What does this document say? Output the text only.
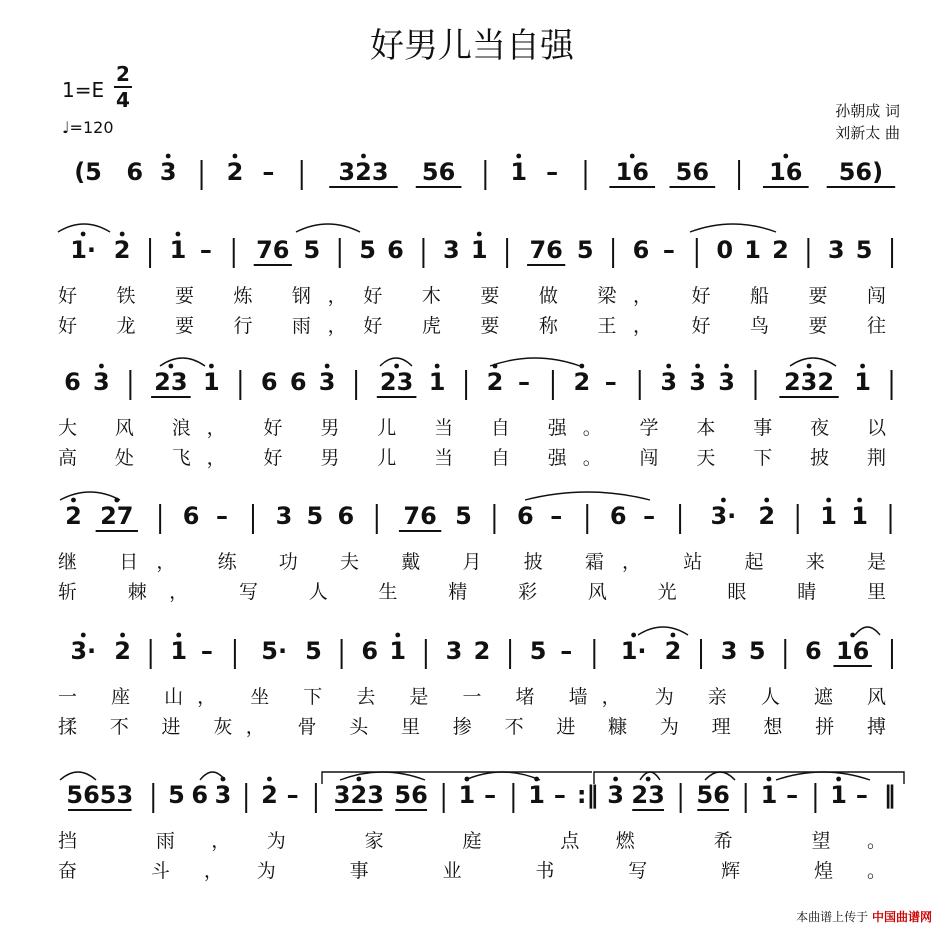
好男儿当自强
1=E
2
4
♩=120
孙朝成 词
刘新太 曲
(5 6 3 2 –	323 56 1 – 16 56	16 56)
1· 2 1 – 76 5 5 6 3 1 76 5 6 – 0 1 2 3 5
好 铁 要 炼 钢，好 木 要 做 梁， 好 船 要 闯
好 龙 要 行 雨，好 虎 要 称 王， 好 鸟 要 往
6 3 23 1 6 6 3 23 1 2 – 2 – 3 3 3 232 1
大 风 浪， 好 男 儿 当 自 强。 学 本 事 夜 以
高 处 飞， 好 男 儿 当 自 强。 闯 天 下 披 荆
2 27 6 – 3 5 6 76 5 6 – 6 – 3· 2 1 1
继 日， 练 功 夫 戴 月 披 霜， 站 起 来 是
斩 棘， 写 人 生 精 彩 风 光 眼 睛 里
3· 2 1 – 5· 5 6 1 3 2 5 – 1· 2 3 5 6 16
一 座 山， 坐 下 去 是 一 堵 墙， 为 亲 人 遮 风
揉 不 进 灰， 骨 头 里 掺 不 进 糠 为 理 想 拼 搏
5653 5 6 3 2 – 323 56 1 – 1 – :‖ 3 23 56 1 – 1 – ‖
挡 雨，为 家 庭 点燃 希 望。
奋 斗，为 事 业 书 写 辉 煌。
本曲谱上传于 中国曲谱网
